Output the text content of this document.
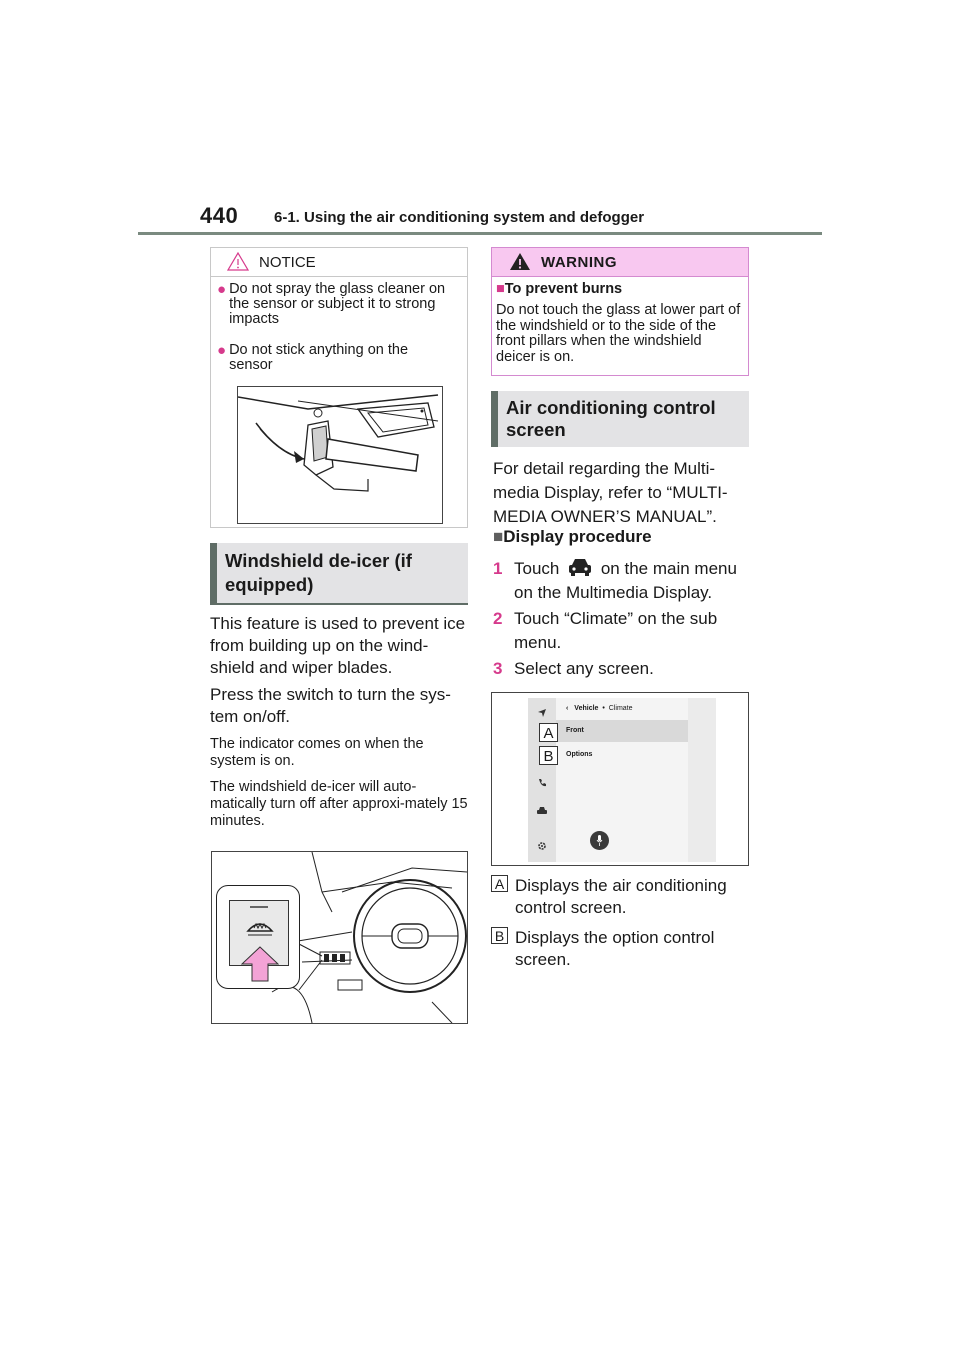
440 6-1. Using the air conditioning system and defogger
NOTICE
● Do not spray the glass cleaner on the sensor or subject it to strong impacts
● Do not stick anything on the sensor
Windshield de-icer (if
equipped)
This feature is used to prevent ice from building up on the wind-shield and wiper blades.
Press the switch to turn the sys-tem on/off.
The indicator comes on when the system is on.
The windshield de-icer will auto-matically turn off after approxi-mately 15 minutes.
WARNING
■To prevent burns
Do not touch the glass at lower part of the windshield or to the side of the front pillars when the windshield deicer is on.
Air conditioning control
screen
For detail regarding the Multi-media Display, refer to “MULTI-MEDIA OWNER’S MANUAL”.
■Display procedure
1 Touch on the main menu on the Multimedia Display.
2 Touch “Climate” on the sub menu.
3 Select any screen.
‹ Vehicle • Climate
Front
Options
A
B
A Displays the air conditioning control screen.
B Displays the option control screen.
